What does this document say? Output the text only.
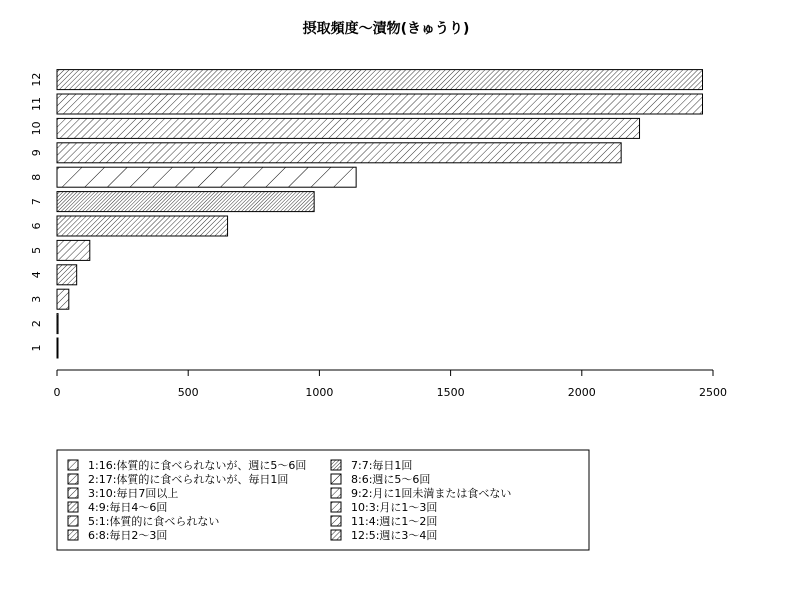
摂取頻度～漬物(きゅうり)
1
2
3
4
5
6
7
8
9
10
11
12
0	500	1000	1500	2000	2500
1:16:体質的に食べられないが、週に5～6回
2:17:体質的に食べられないが、毎日1回
3:10:毎日7回以上
4:9:毎日4～6回
5:1:体質的に食べられない
6:8:毎日2～3回
7:7:毎日1回
8:6:週に5～6回
9:2:月に1回未満または食べない
10:3:月に1～3回
11:4:週に1～2回
12:5:週に3～4回
